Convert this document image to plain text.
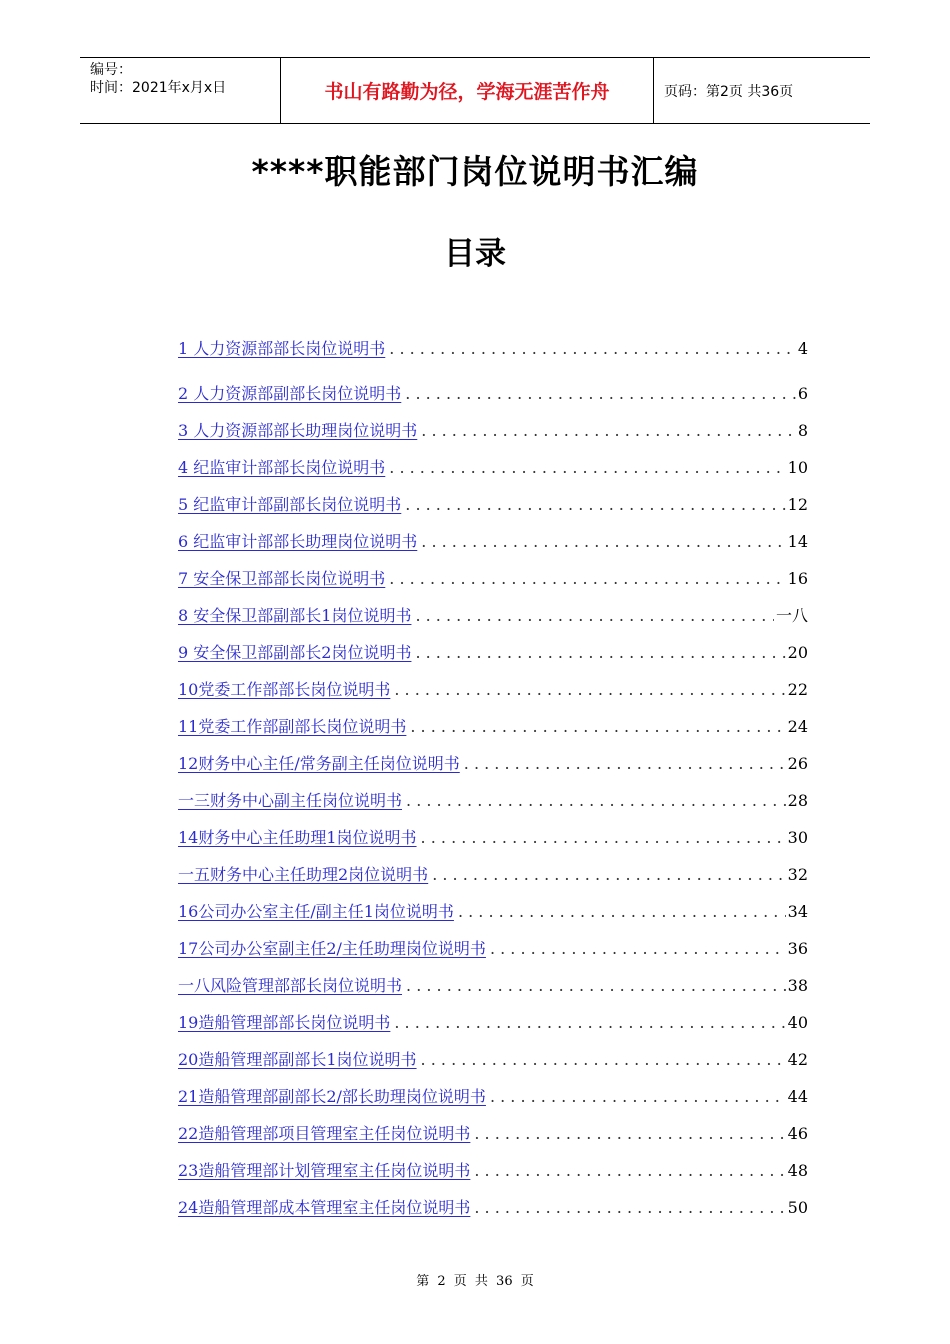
编号：
时间：2021年x月x日	书山有路勤为径，学海无涯苦作舟	页码：第2页 共36页
****职能部门岗位说明书汇编
目录
1 人力资源部部长岗位说明书 . . .	4
2 人力资源部副部长岗位说明书 . . .	6
3 人力资源部部长助理岗位说明书 . . .	8
4 纪监审计部部长岗位说明书 . . .	10
5 纪监审计部副部长岗位说明书 . . .	12
6 纪监审计部部长助理岗位说明书 . . .	14
7 安全保卫部部长岗位说明书 . . .	16
8 安全保卫部副部长1岗位说明书 . . .	一八
9 安全保卫部副部长2岗位说明书 . . .	20
10党委工作部部长岗位说明书 . . .	22
11党委工作部副部长岗位说明书 . . .	24
12财务中心主任/常务副主任岗位说明书 . . .	26
一三财务中心副主任岗位说明书 . . .	28
14财务中心主任助理1岗位说明书 . . .	30
一五财务中心主任助理2岗位说明书 . . .	32
16公司办公室主任/副主任1岗位说明书 . . .	34
17公司办公室副主任2/主任助理岗位说明书 . . .	36
一八风险管理部部长岗位说明书 . . .	38
19造船管理部部长岗位说明书 . . .	40
20造船管理部副部长1岗位说明书 . . .	42
21造船管理部副部长2/部长助理岗位说明书 . . .	44
22造船管理部项目管理室主任岗位说明书 . . .	46
23造船管理部计划管理室主任岗位说明书 . . .	48
24造船管理部成本管理室主任岗位说明书 . . .	50
第 2 页 共 36 页
